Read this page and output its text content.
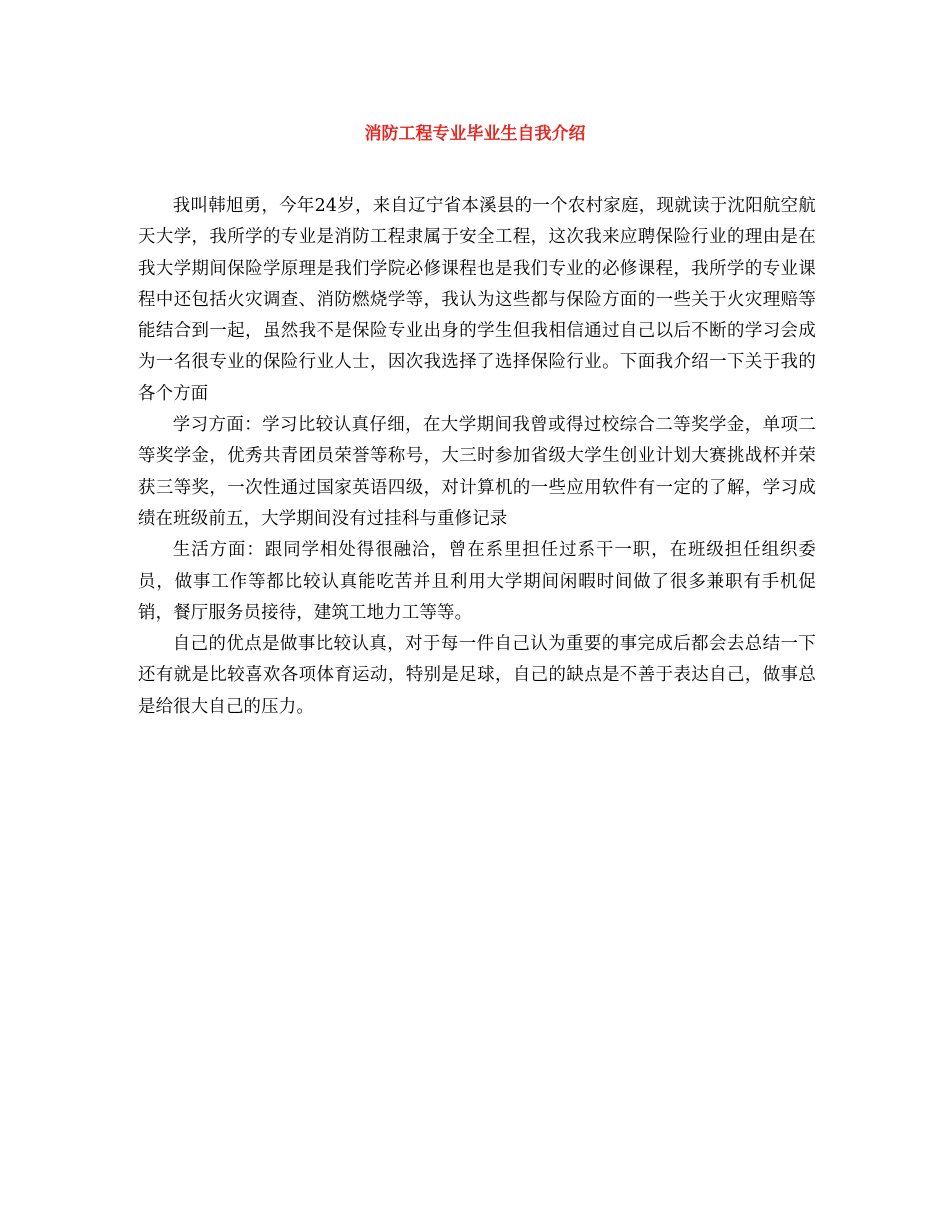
消防工程专业毕业生自我介绍

我叫韩旭勇，今年24岁，来自辽宁省本溪县的一个农村家庭，现就读于沈阳航空航天大学，我所学的专业是消防工程隶属于安全工程，这次我来应聘保险行业的理由是在我大学期间保险学原理是我们学院必修课程也是我们专业的必修课程，我所学的专业课程中还包括火灾调查、消防燃烧学等，我认为这些都与保险方面的一些关于火灾理赔等能结合到一起，虽然我不是保险专业出身的学生但我相信通过自己以后不断的学习会成为一名很专业的保险行业人士，因次我选择了选择保险行业。下面我介绍一下关于我的各个方面

学习方面：学习比较认真仔细，在大学期间我曾或得过校综合二等奖学金，单项二等奖学金，优秀共青团员荣誉等称号，大三时参加省级大学生创业计划大赛挑战杯并荣获三等奖，一次性通过国家英语四级，对计算机的一些应用软件有一定的了解，学习成绩在班级前五，大学期间没有过挂科与重修记录

生活方面：跟同学相处得很融洽，曾在系里担任过系干一职，在班级担任组织委员，做事工作等都比较认真能吃苦并且利用大学期间闲暇时间做了很多兼职有手机促销，餐厅服务员接待，建筑工地力工等等。

自己的优点是做事比较认真，对于每一件自己认为重要的事完成后都会去总结一下还有就是比较喜欢各项体育运动，特别是足球，自己的缺点是不善于表达自己，做事总是给很大自己的压力。
